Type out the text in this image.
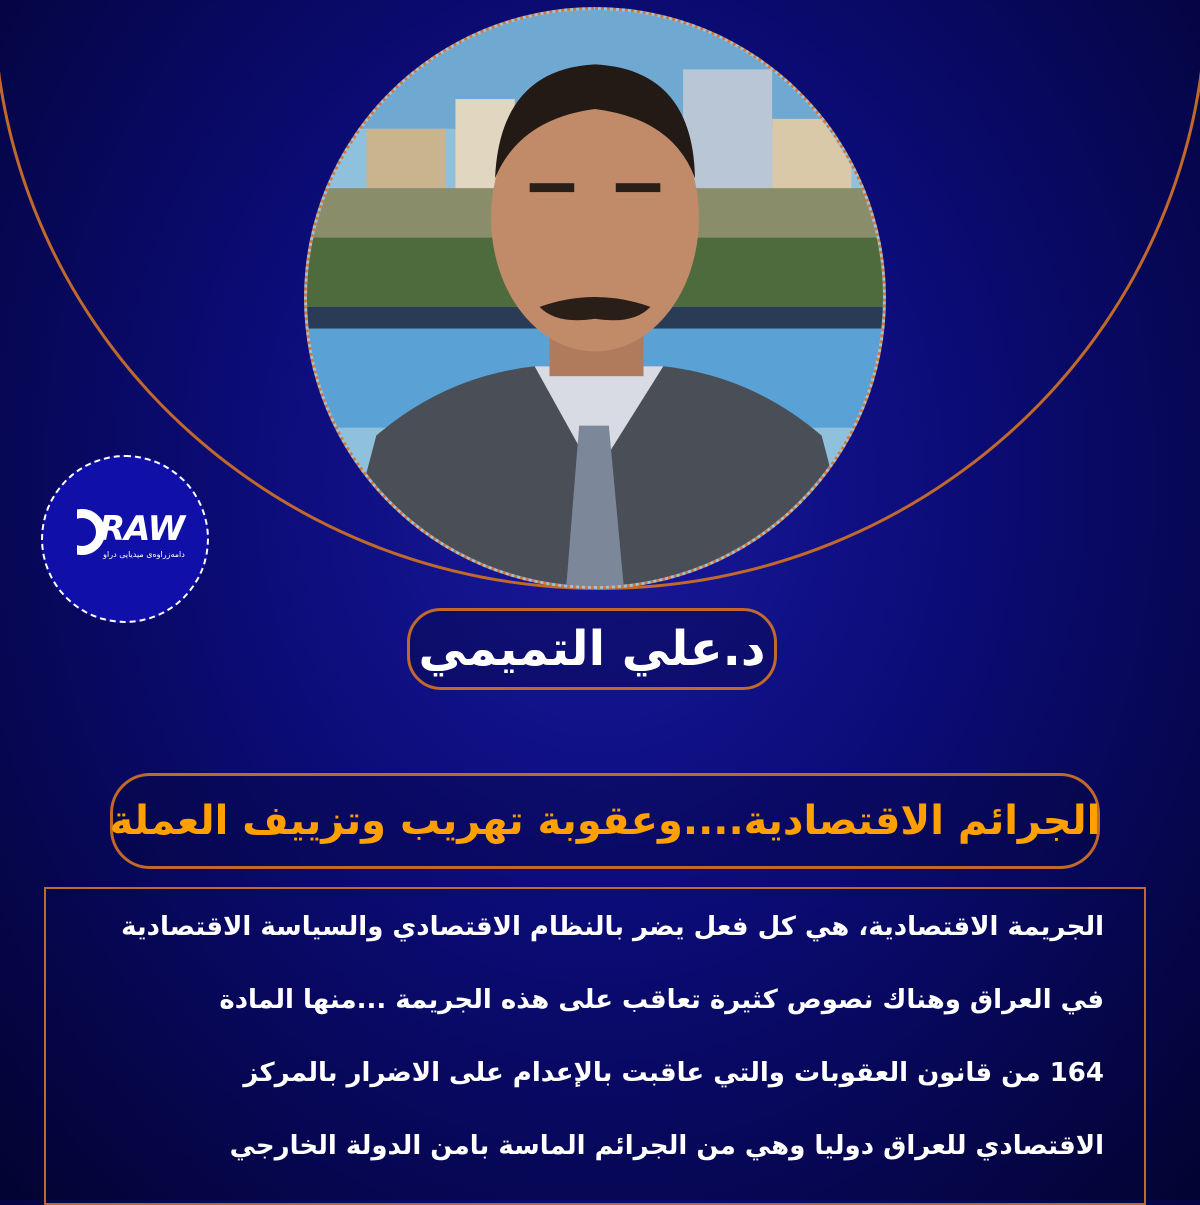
RAW
دامەزراوەی میدیایی دراو
د.علي التميمي
الجرائم الاقتصادية....وعقوبة تهريب وتزييف العملة
الجريمة الاقتصادية، هي كل فعل يضر بالنظام الاقتصادي والسياسة الاقتصادية
في العراق وهناك نصوص كثيرة تعاقب على هذه الجريمة ...منها المادة
164 من قانون العقوبات والتي عاقبت بالإعدام على الاضرار بالمركز
الاقتصادي للعراق دوليا وهي من الجرائم الماسة بامن الدولة الخارجي
